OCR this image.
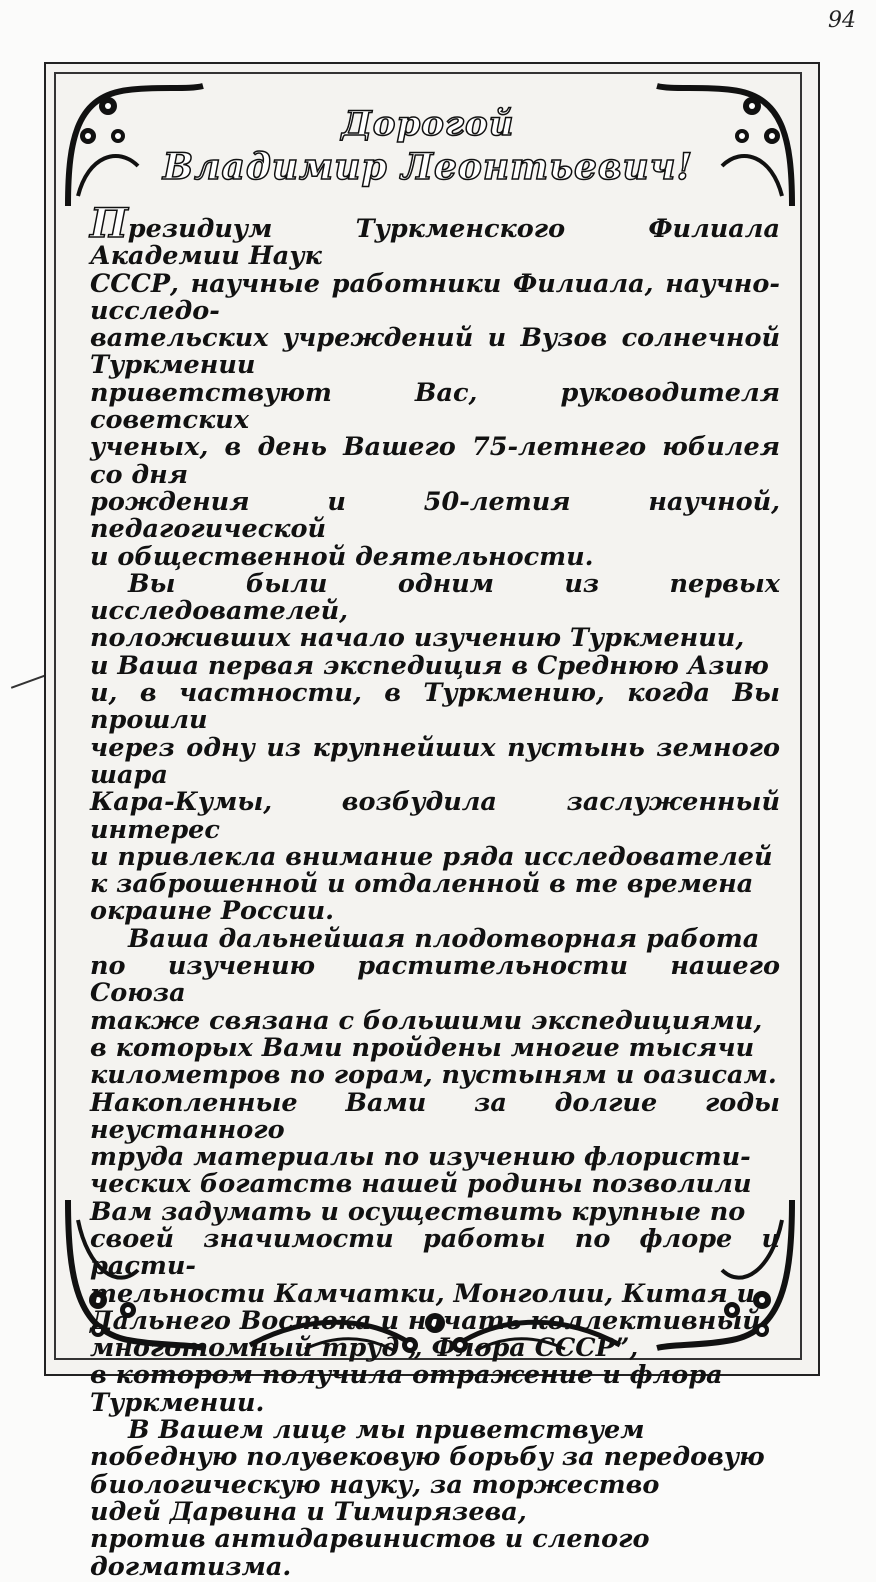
94
Дорогой
Владимир Леонтьевич!

Президиум Туркменского Филиала Академии Наук
СССР, научные работники Филиала, научно-исследо-
вательских учреждений и Вузов солнечной Туркмении
приветствуют Вас, руководителя советских
ученых, в день Вашего 75-летнего юбилея со дня
рождения и 50-летия научной, педагогической
и общественной деятельности.

Вы были одним из первых исследователей,
положивших начало изучению Туркмении,
и Ваша первая экспедиция в Среднюю Азию
и, в частности, в Туркмению, когда Вы прошли
через одну из крупнейших пустынь земного шара
Кара-Кумы, возбудила заслуженный интерес
и привлекла внимание ряда исследователей
к заброшенной и отдаленной в те времена
окраине России.

Ваша дальнейшая плодотворная работа
по изучению растительности нашего Союза
также связана с большими экспедициями,
в которых Вами пройдены многие тысячи
километров по горам, пустыням и оазисам.
Накопленные Вами за долгие годы неустанного
труда материалы по изучению флористи-
ческих богатств нашей родины позволили
Вам задумать и осуществить крупные по
своей значимости работы по флоре и расти-
тельности Камчатки, Монголии, Китая и
Дальнего Востока и начать коллективный
многотомный труд „ Флора СССР”,
в котором получила отражение и флора
Туркмении.

В Вашем лице мы приветствуем
победную полувековую борьбу за передовую
биологическую науку, за торжество
идей Дарвина и Тимирязева,
против антидарвинистов и слепого
догматизма.
